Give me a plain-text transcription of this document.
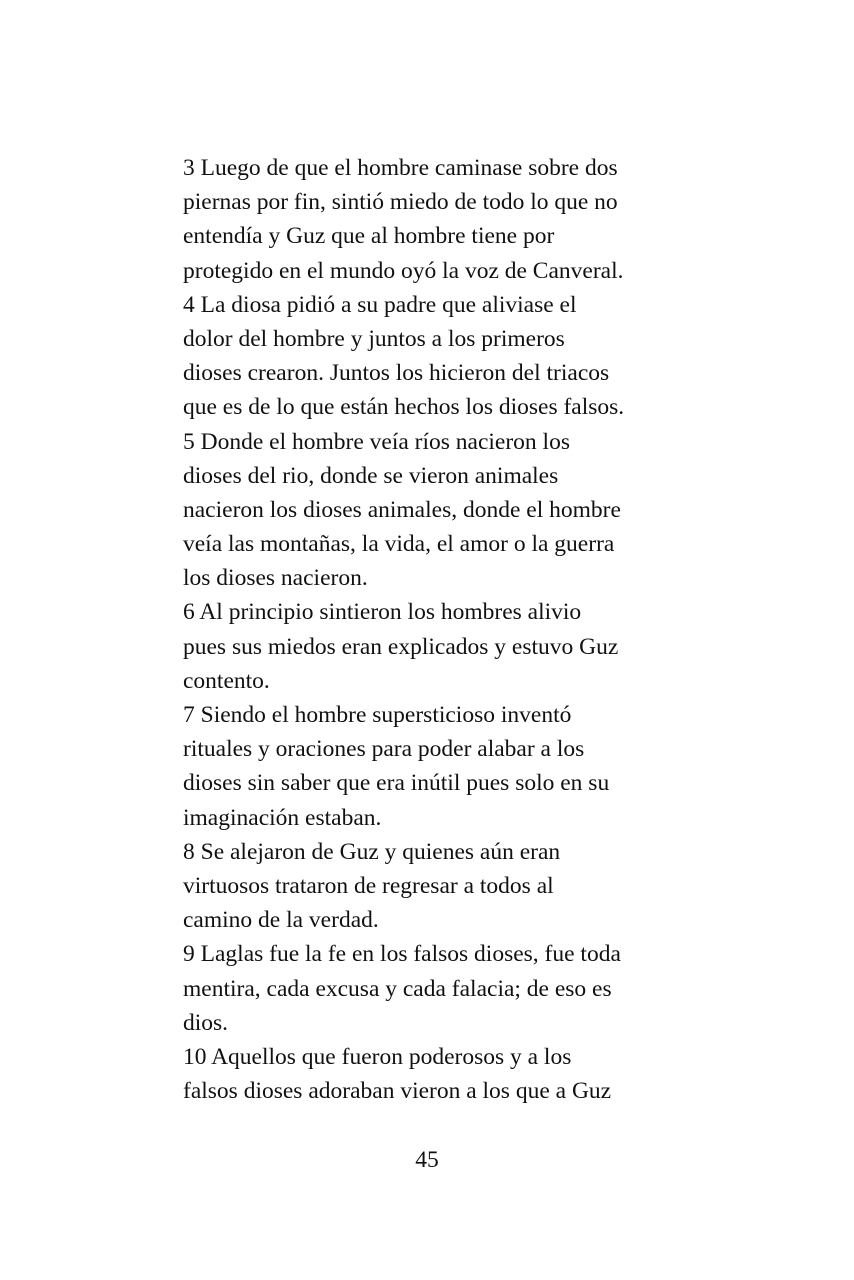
3 Luego de que el hombre caminase sobre dos
piernas por fin, sintió miedo de todo lo que no
entendía y Guz que al hombre tiene por
protegido en el mundo oyó la voz de Canveral.
4 La diosa pidió a su padre que aliviase el
dolor del hombre y juntos a los primeros
dioses crearon. Juntos los hicieron del triacos
que es de lo que están hechos los dioses falsos.
5 Donde el hombre veía ríos nacieron los
dioses del rio, donde se vieron animales
nacieron los dioses animales, donde el hombre
veía las montañas, la vida, el amor o la guerra
los dioses nacieron.
6 Al principio sintieron los hombres alivio
pues sus miedos eran explicados y estuvo Guz
contento.
7 Siendo el hombre supersticioso inventó
rituales y oraciones para poder alabar a los
dioses sin saber que era inútil pues solo en su
imaginación estaban.
8 Se alejaron de Guz y quienes aún eran
virtuosos trataron de regresar a todos al
camino de la verdad.
9 Laglas fue la fe en los falsos dioses, fue toda
mentira, cada excusa y cada falacia; de eso es
dios.
10 Aquellos que fueron poderosos y a los
falsos dioses adoraban vieron a los que a Guz
45
